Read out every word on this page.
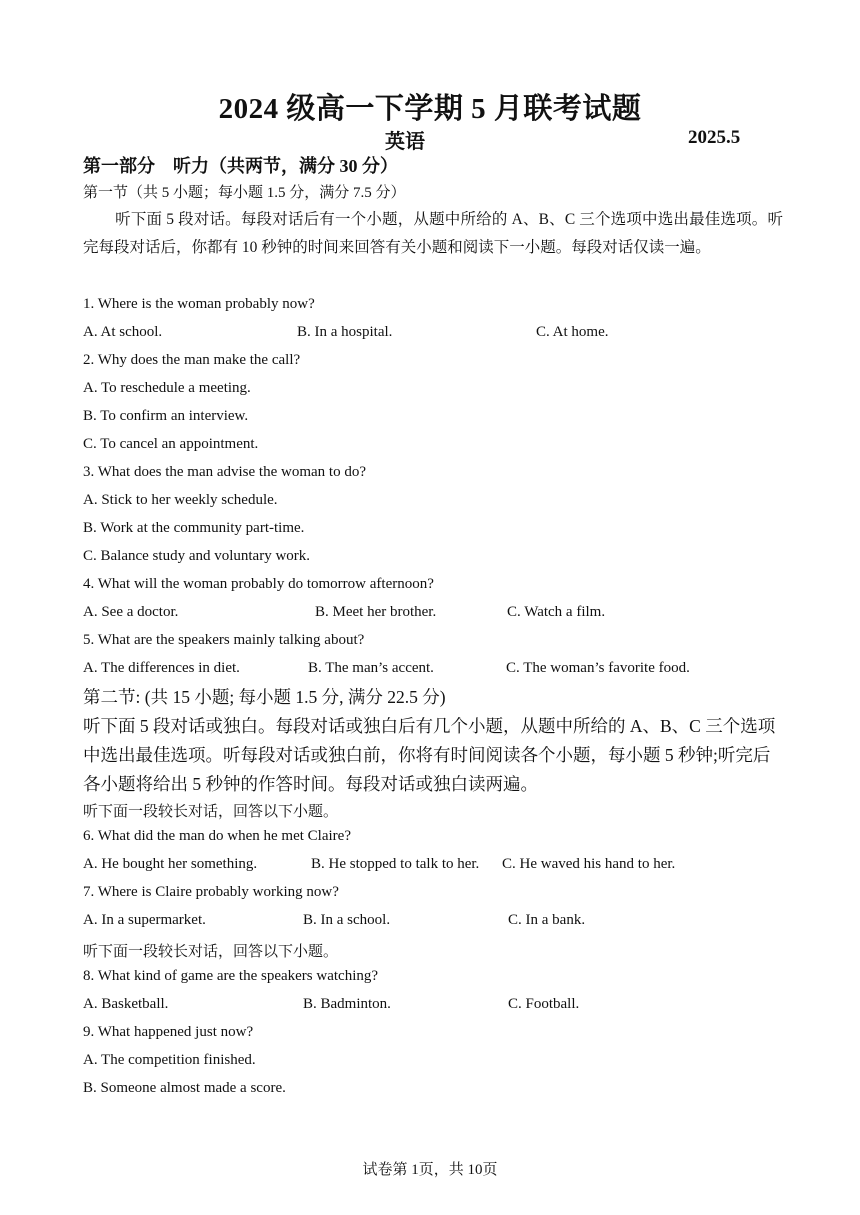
2024 级高一下学期 5 月联考试题
英语	2025.5
第一部分　听力（共两节，满分 30 分）
第一节（共 5 小题；每小题 1.5 分，满分 7.5 分）
听下面 5 段对话。每段对话后有一个小题，从题中所给的 A、B、C 三个选项中选出最佳选项。听完每段对话后，你都有 10 秒钟的时间来回答有关小题和阅读下一小题。每段对话仅读一遍。
1. Where is the woman probably now?
A. At school.	B. In a hospital.	C. At home.
2. Why does the man make the call?
A. To reschedule a meeting.
B. To confirm an interview.
C. To cancel an appointment.
3. What does the man advise the woman to do?
A. Stick to her weekly schedule.
B. Work at the community part-time.
C. Balance study and voluntary work.
4. What will the woman probably do tomorrow afternoon?
A. See a doctor.	B. Meet her brother.	C. Watch a film.
5. What are the speakers mainly talking about?
A. The differences in diet.	B. The man’s accent.	C. The woman’s favorite food.
第二节: (共 15 小题; 每小题 1.5 分, 满分 22.5 分)
听下面 5 段对话或独白。每段对话或独白后有几个小题，从题中所给的 A、B、C 三个选项中选出最佳选项。听每段对话或独白前，你将有时间阅读各个小题，每小题 5 秒钟;听完后各小题将给出 5 秒钟的作答时间。每段对话或独白读两遍。
听下面一段较长对话，回答以下小题。
6. What did the man do when he met Claire?
A. He bought her something.	B. He stopped to talk to her. C. He waved his hand to her.
7. Where is Claire probably working now?
A. In a supermarket.	B. In a school.	C. In a bank.
听下面一段较长对话，回答以下小题。
8. What kind of game are the speakers watching?
A. Basketball.	B. Badminton.	C. Football.
9. What happened just now?
A. The competition finished.
B. Someone almost made a score.
试卷第 1页，共 10页
